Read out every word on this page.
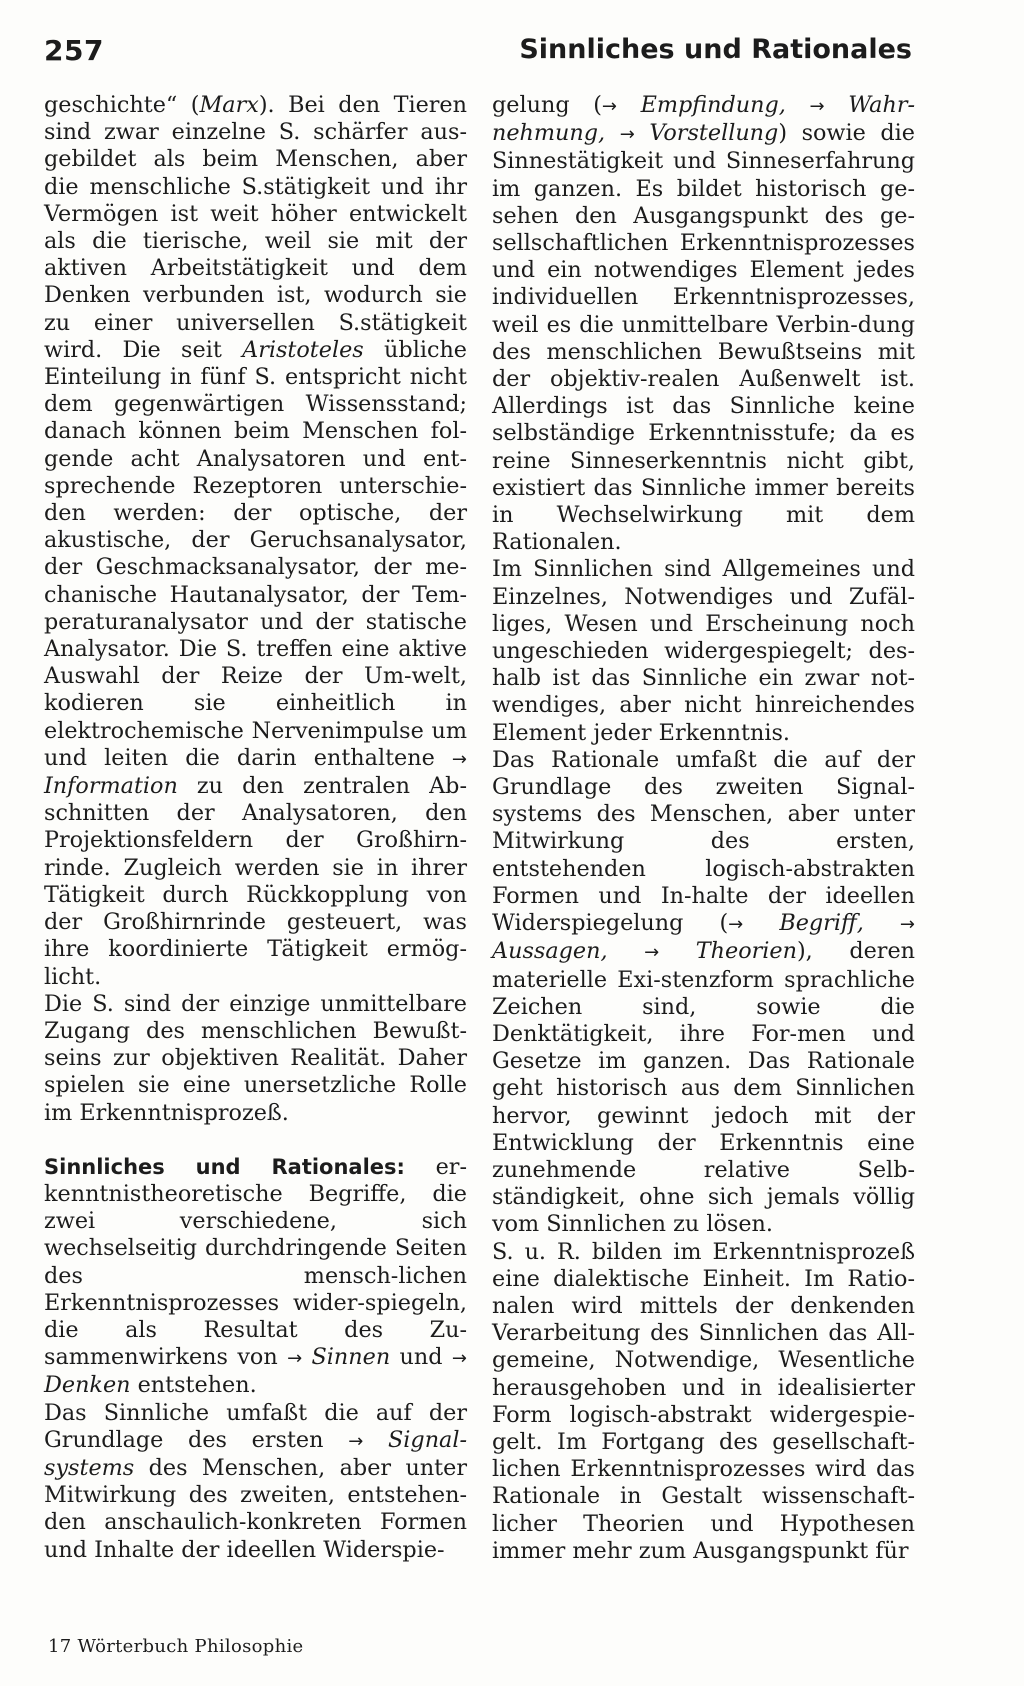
257	Sinnliches und Rationales

geschichte“ (Marx). Bei den Tieren sind zwar einzelne S. schärfer aus-gebildet als beim Menschen, aber die menschliche S.stätigkeit und ihr Vermögen ist weit höher entwickelt als die tierische, weil sie mit der aktiven Arbeitstätigkeit und dem Denken verbunden ist, wodurch sie zu einer universellen S.stätigkeit wird. Die seit Aristoteles übliche Einteilung in fünf S. entspricht nicht dem gegenwärtigen Wissensstand; danach können beim Menschen fol-gende acht Analysatoren und ent-sprechende Rezeptoren unterschie-den werden: der optische, der akustische, der Geruchsanalysator, der Geschmacksanalysator, der me-chanische Hautanalysator, der Tem-peraturanalysator und der statische Analysator. Die S. treffen eine aktive Auswahl der Reize der Um-welt, kodieren sie einheitlich in elektrochemische Nervenimpulse um und leiten die darin enthaltene → Information zu den zentralen Ab-schnitten der Analysatoren, den Projektionsfeldern der Großhirn-rinde. Zugleich werden sie in ihrer Tätigkeit durch Rückkopplung von der Großhirnrinde gesteuert, was ihre koordinierte Tätigkeit ermög-licht.

Die S. sind der einzige unmittelbare Zugang des menschlichen Bewußt-seins zur objektiven Realität. Daher spielen sie eine unersetzliche Rolle im Erkenntnisprozeß.

Sinnliches und Rationales: er-kenntnistheoretische Begriffe, die zwei verschiedene, sich wechselseitig durchdringende Seiten des mensch-lichen Erkenntnisprozesses wider-spiegeln, die als Resultat des Zu-sammenwirkens von → Sinnen und → Denken entstehen.

Das Sinnliche umfaßt die auf der Grundlage des ersten → Signal-systems des Menschen, aber unter Mitwirkung des zweiten, entstehen-den anschaulich-konkreten Formen und Inhalte der ideellen Widerspie-

gelung (→ Empfindung, → Wahr-nehmung, → Vorstellung) sowie die Sinnestätigkeit und Sinneserfahrung im ganzen. Es bildet historisch ge-sehen den Ausgangspunkt des ge-sellschaftlichen Erkenntnisprozesses und ein notwendiges Element jedes individuellen Erkenntnisprozesses, weil es die unmittelbare Verbin-dung des menschlichen Bewußtseins mit der objektiv-realen Außenwelt ist. Allerdings ist das Sinnliche keine selbständige Erkenntnisstufe; da es reine Sinneserkenntnis nicht gibt, existiert das Sinnliche immer bereits in Wechselwirkung mit dem Rationalen.

Im Sinnlichen sind Allgemeines und Einzelnes, Notwendiges und Zufäl-liges, Wesen und Erscheinung noch ungeschieden widergespiegelt; des-halb ist das Sinnliche ein zwar not-wendiges, aber nicht hinreichendes Element jeder Erkenntnis.

Das Rationale umfaßt die auf der Grundlage des zweiten Signal-systems des Menschen, aber unter Mitwirkung des ersten, entstehenden logisch-abstrakten Formen und In-halte der ideellen Widerspiegelung (→ Begriff, → Aussagen, → Theorien), deren materielle Exi-stenzform sprachliche Zeichen sind, sowie die Denktätigkeit, ihre For-men und Gesetze im ganzen. Das Rationale geht historisch aus dem Sinnlichen hervor, gewinnt jedoch mit der Entwicklung der Erkenntnis eine zunehmende relative Selb-ständigkeit, ohne sich jemals völlig vom Sinnlichen zu lösen.

S. u. R. bilden im Erkenntnisprozeß eine dialektische Einheit. Im Ratio-nalen wird mittels der denkenden Verarbeitung des Sinnlichen das All-gemeine, Notwendige, Wesentliche herausgehoben und in idealisierter Form logisch-abstrakt widergespie-gelt. Im Fortgang des gesellschaft-lichen Erkenntnisprozesses wird das Rationale in Gestalt wissenschaft-licher Theorien und Hypothesen immer mehr zum Ausgangspunkt für

17 Wörterbuch Philosophie
